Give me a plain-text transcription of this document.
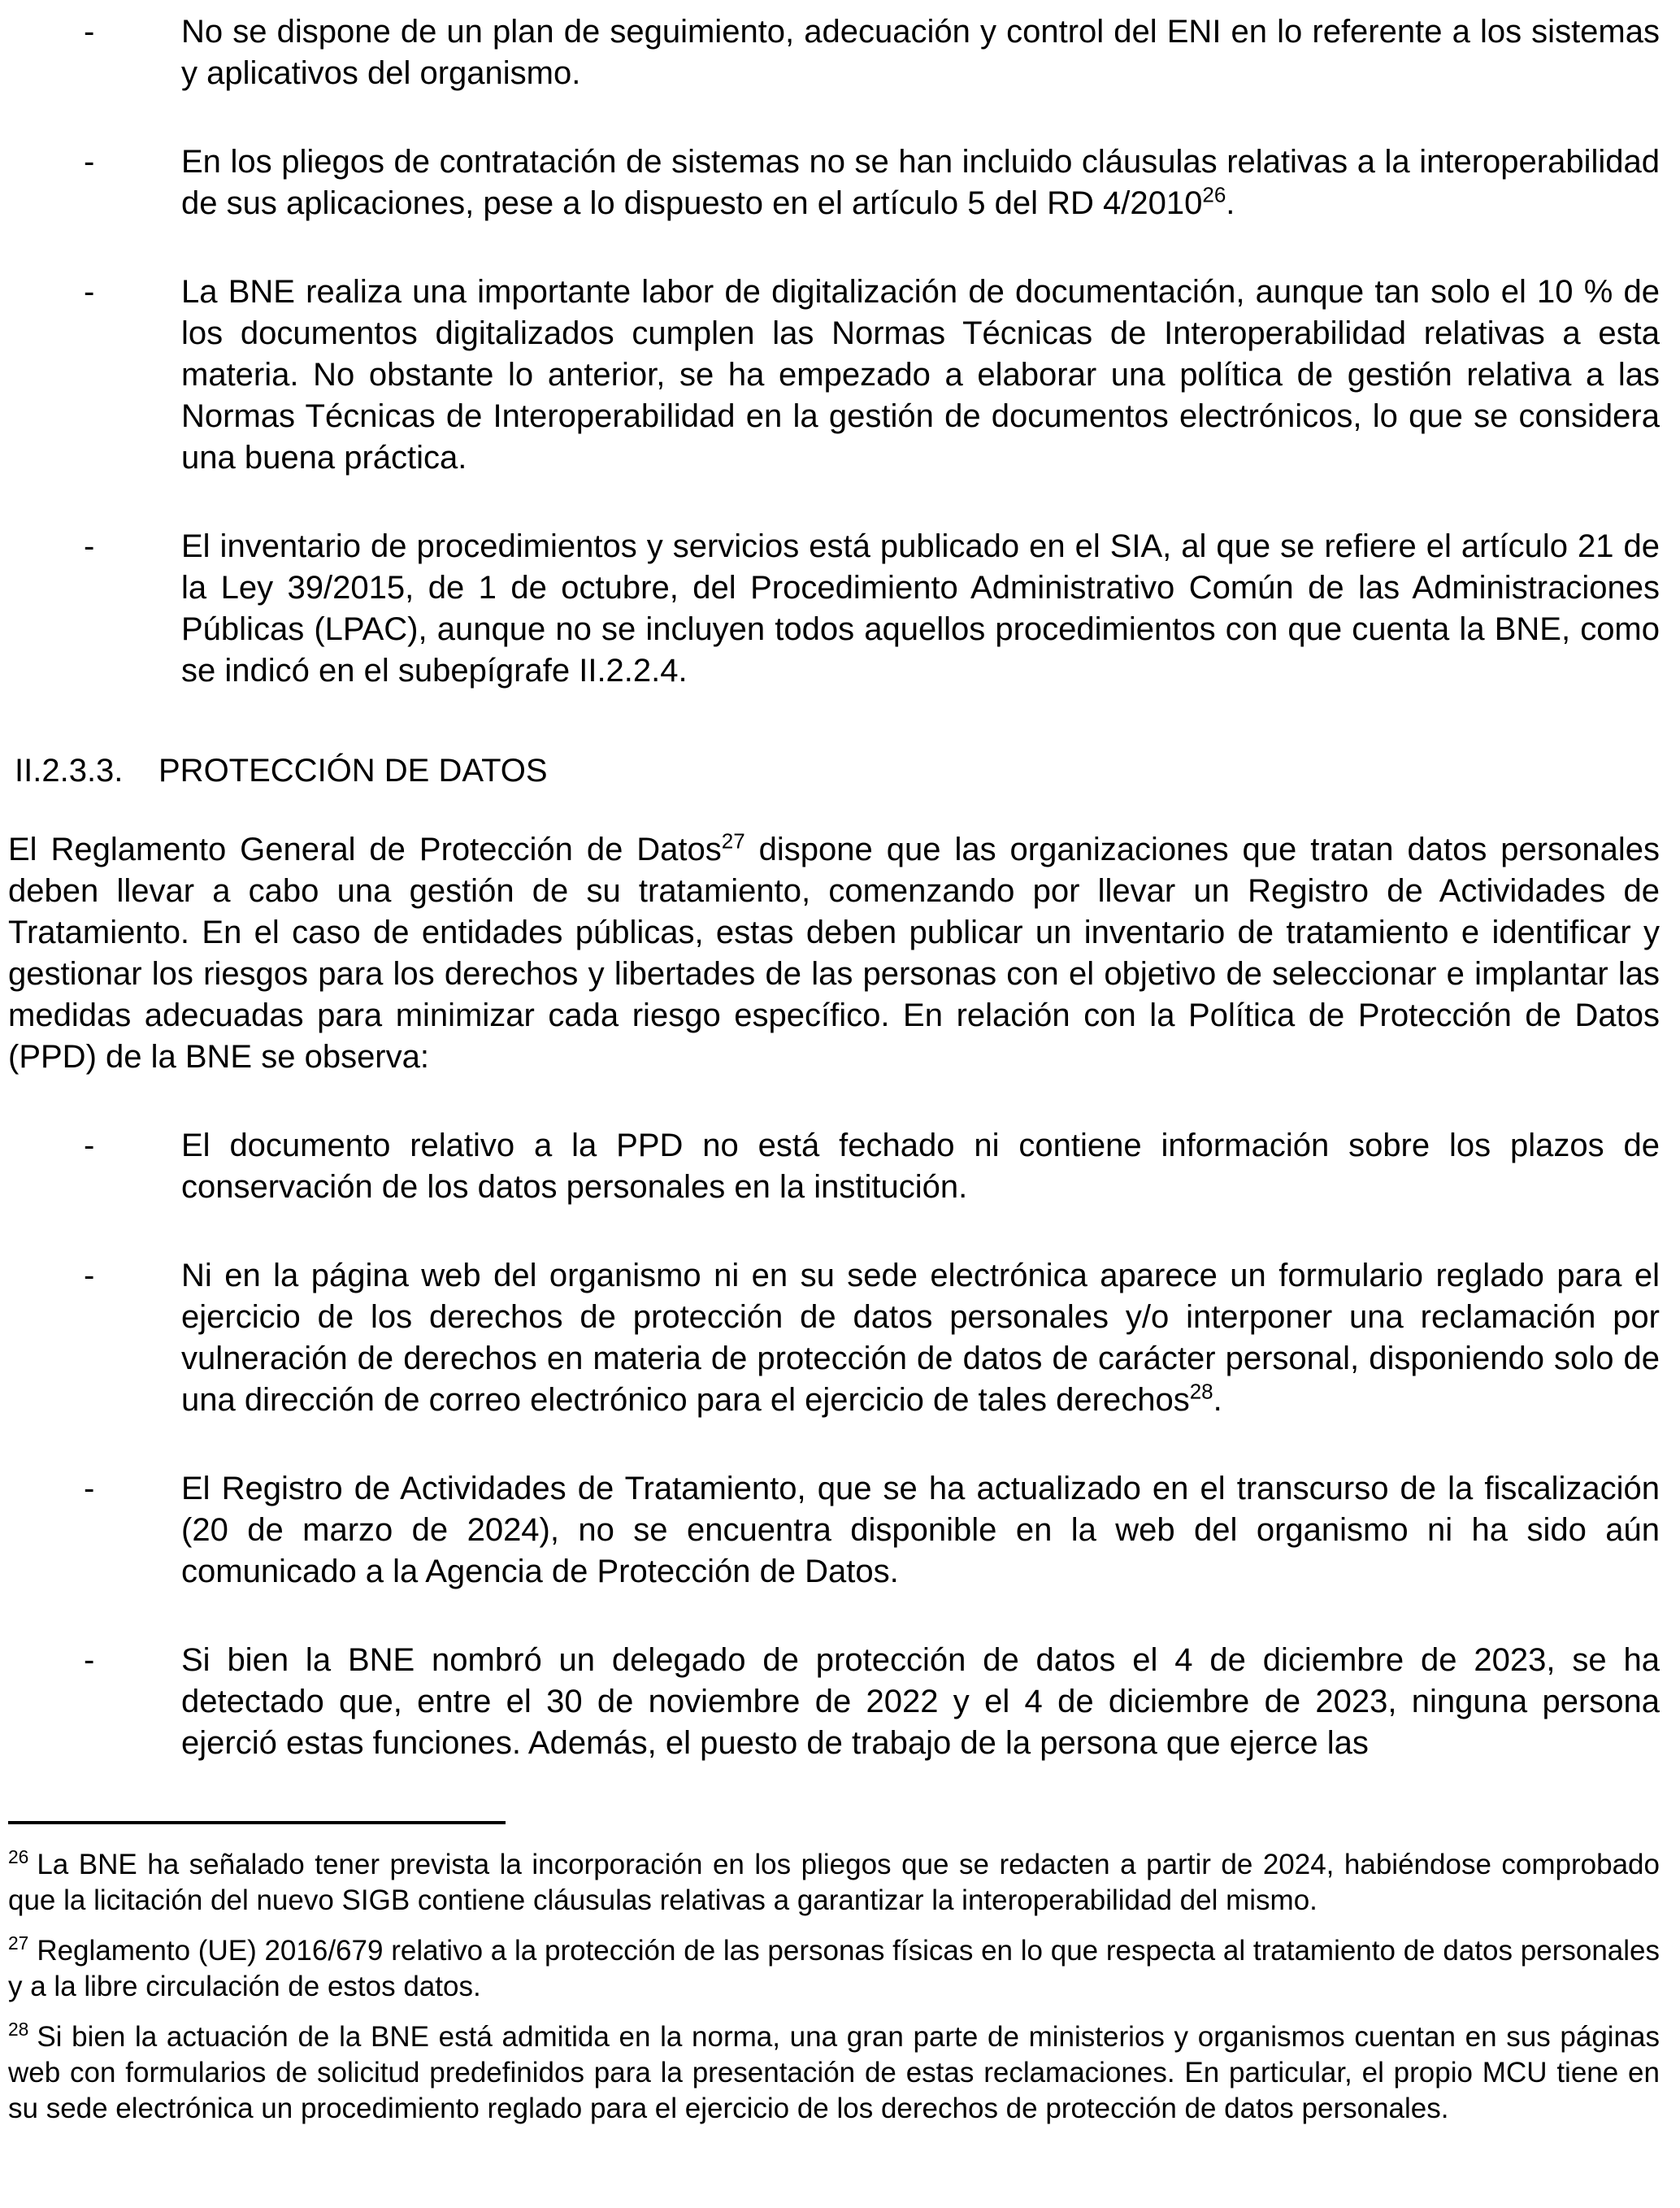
-	No se dispone de un plan de seguimiento, adecuación y control del ENI en lo referente a los sistemas y aplicativos del organismo.

-	En los pliegos de contratación de sistemas no se han incluido cláusulas relativas a la interoperabilidad de sus aplicaciones, pese a lo dispuesto en el artículo 5 del RD 4/2010$^{26}$.

-	La BNE realiza una importante labor de digitalización de documentación, aunque tan solo el 10 % de los documentos digitalizados cumplen las Normas Técnicas de Interoperabilidad relativas a esta materia. No obstante lo anterior, se ha empezado a elaborar una política de gestión relativa a las Normas Técnicas de Interoperabilidad en la gestión de documentos electrónicos, lo que se considera una buena práctica.

-	El inventario de procedimientos y servicios está publicado en el SIA, al que se refiere el artículo 21 de la Ley 39/2015, de 1 de octubre, del Procedimiento Administrativo Común de las Administraciones Públicas (LPAC), aunque no se incluyen todos aquellos procedimientos con que cuenta la BNE, como se indicó en el subepígrafe II.2.2.4.

II.2.3.3. PROTECCIÓN DE DATOS

El Reglamento General de Protección de Datos$^{27}$ dispone que las organizaciones que tratan datos personales deben llevar a cabo una gestión de su tratamiento, comenzando por llevar un Registro de Actividades de Tratamiento. En el caso de entidades públicas, estas deben publicar un inventario de tratamiento e identificar y gestionar los riesgos para los derechos y libertades de las personas con el objetivo de seleccionar e implantar las medidas adecuadas para minimizar cada riesgo específico. En relación con la Política de Protección de Datos (PPD) de la BNE se observa:

-	El documento relativo a la PPD no está fechado ni contiene información sobre los plazos de conservación de los datos personales en la institución.

-	Ni en la página web del organismo ni en su sede electrónica aparece un formulario reglado para el ejercicio de los derechos de protección de datos personales y/o interponer una reclamación por vulneración de derechos en materia de protección de datos de carácter personal, disponiendo solo de una dirección de correo electrónico para el ejercicio de tales derechos$^{28}$.

-	El Registro de Actividades de Tratamiento, que se ha actualizado en el transcurso de la fiscalización (20 de marzo de 2024), no se encuentra disponible en la web del organismo ni ha sido aún comunicado a la Agencia de Protección de Datos.

-	Si bien la BNE nombró un delegado de protección de datos el 4 de diciembre de 2023, se ha detectado que, entre el 30 de noviembre de 2022 y el 4 de diciembre de 2023, ninguna persona ejerció estas funciones. Además, el puesto de trabajo de la persona que ejerce las

$^{26}$ La BNE ha señalado tener prevista la incorporación en los pliegos que se redacten a partir de 2024, habiéndose comprobado que la licitación del nuevo SIGB contiene cláusulas relativas a garantizar la interoperabilidad del mismo.

$^{27}$ Reglamento (UE) 2016/679 relativo a la protección de las personas físicas en lo que respecta al tratamiento de datos personales y a la libre circulación de estos datos.

$^{28}$ Si bien la actuación de la BNE está admitida en la norma, una gran parte de ministerios y organismos cuentan en sus páginas web con formularios de solicitud predefinidos para la presentación de estas reclamaciones. En particular, el propio MCU tiene en su sede electrónica un procedimiento reglado para el ejercicio de los derechos de protección de datos personales.
